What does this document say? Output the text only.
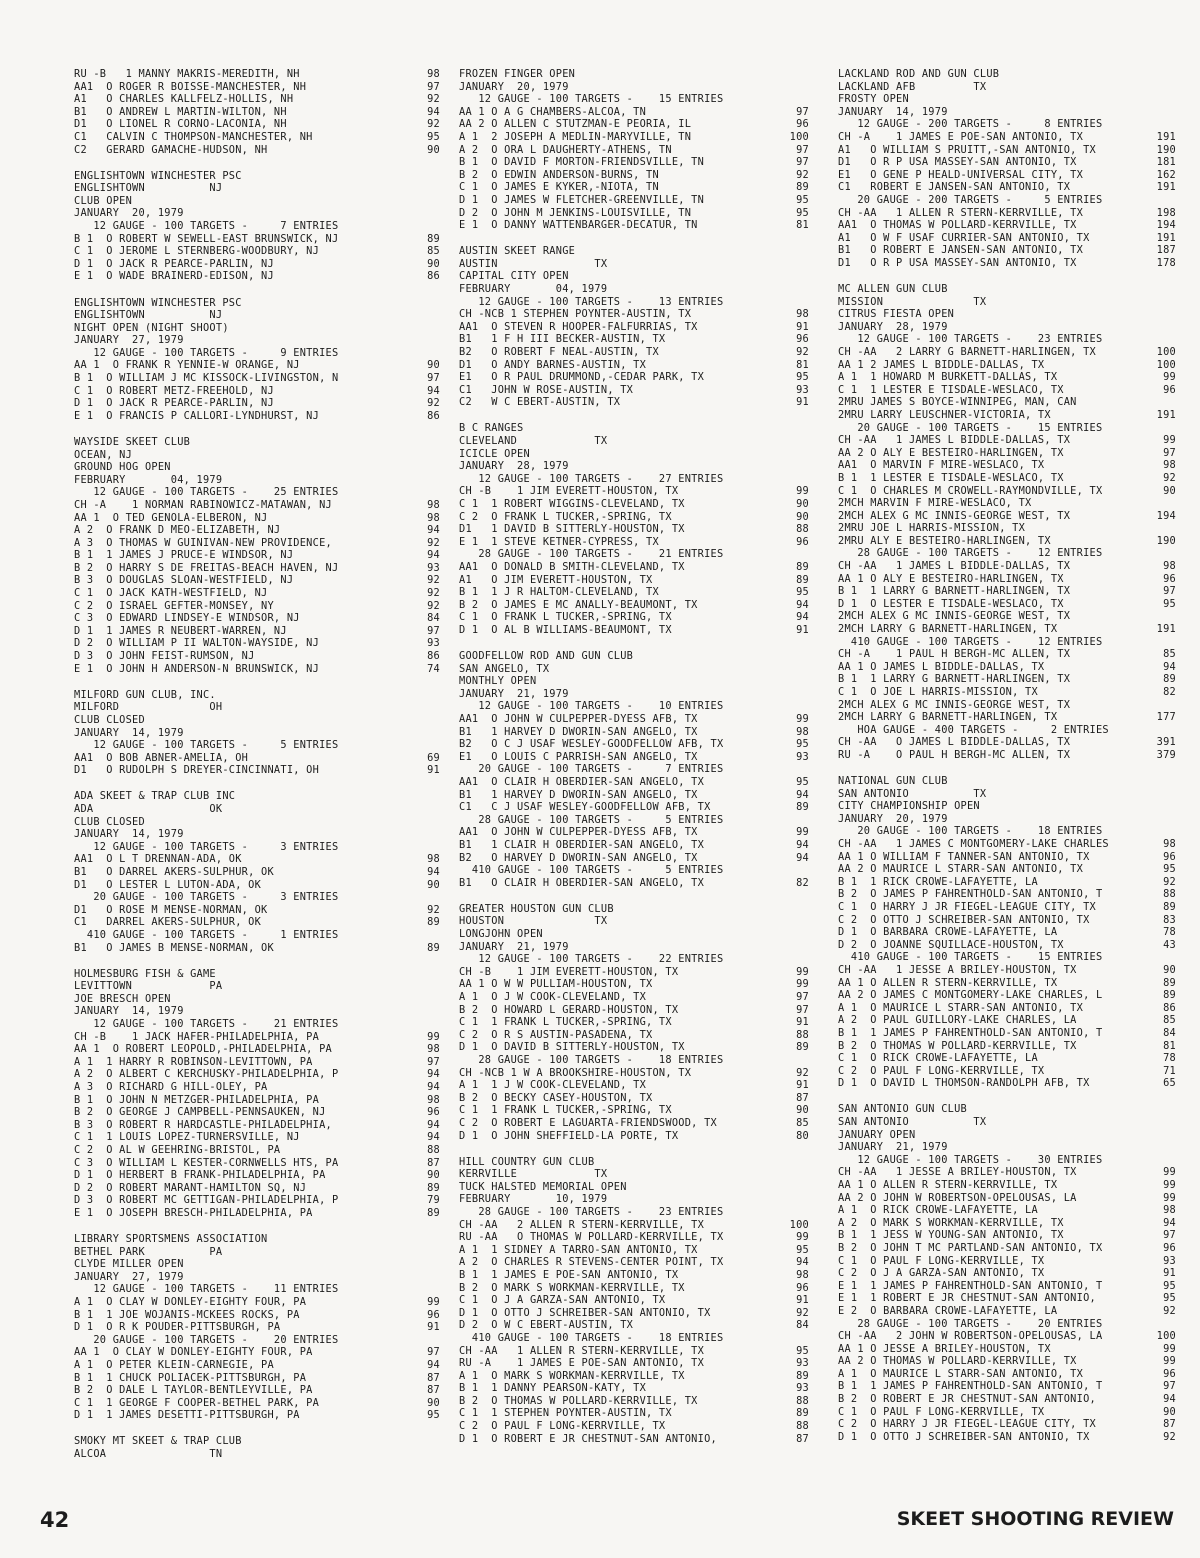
RU -B   1 MANNY MAKRIS-MEREDITH, NH	98
AA1  O ROGER R BOISSE-MANCHESTER, NH	97
A1   O CHARLES KALLFELZ-HOLLIS, NH	92
B1   O ANDREW L MARTIN-WILTON, NH	94
D1   O LIONEL R CORNO-LACONIA, NH	92
C1   CALVIN C THOMPSON-MANCHESTER, NH	95
C2   GERARD GAMACHE-HUDSON, NH	90
ENGLISHTOWN WINCHESTER PSC
ENGLISHTOWN          NJ
CLUB OPEN
JANUARY  20, 1979
12 GAUGE - 100 TARGETS -     7 ENTRIES
B 1  O ROBERT W SEWELL-EAST BRUNSWICK, NJ	89
C 1  O JEROME L STERNBERG-WOODBURY, NJ	85
D 1  O JACK R PEARCE-PARLIN, NJ	90
E 1  O WADE BRAINERD-EDISON, NJ	86
ENGLISHTOWN WINCHESTER PSC
ENGLISHTOWN          NJ
NIGHT OPEN (NIGHT SHOOT)
JANUARY  27, 1979
12 GAUGE - 100 TARGETS -     9 ENTRIES
AA 1  O FRANK R YENNIE-W ORANGE, NJ	90
B 1  O WILLIAM J MC KISSOCK-LIVINGSTON, N	97
C 1  O ROBERT METZ-FREEHOLD, NJ	94
D 1  O JACK R PEARCE-PARLIN, NJ	92
E 1  O FRANCIS P CALLORI-LYNDHURST, NJ	86
WAYSIDE SKEET CLUB
OCEAN, NJ
GROUND HOG OPEN
FEBRUARY       04, 1979
12 GAUGE - 100 TARGETS -    25 ENTRIES
CH -A    1 NORMAN RABINOWICZ-MATAWAN, NJ	98
AA 1  O TED GENOLA-ELBERON, NJ	98
A 2  O FRANK D MEO-ELIZABETH, NJ	94
A 3  O THOMAS W GUINIVAN-NEW PROVIDENCE,	92
B 1  1 JAMES J PRUCE-E WINDSOR, NJ	94
B 2  O HARRY S DE FREITAS-BEACH HAVEN, NJ	93
B 3  O DOUGLAS SLOAN-WESTFIELD, NJ	92
C 1  O JACK KATH-WESTFIELD, NJ	92
C 2  O ISRAEL GEFTER-MONSEY, NY	92
C 3  O EDWARD LINDSEY-E WINDSOR, NJ	84
D 1  1 JAMES R NEUBERT-WARREN, NJ	97
D 2  O WILLIAM P II WALTON-WAYSIDE, NJ	93
D 3  O JOHN FEIST-RUMSON, NJ	86
E 1  O JOHN H ANDERSON-N BRUNSWICK, NJ	74
MILFORD GUN CLUB, INC.
MILFORD              OH
CLUB CLOSED
JANUARY  14, 1979
12 GAUGE - 100 TARGETS -     5 ENTRIES
AA1  O BOB ABNER-AMELIA, OH	69
D1   O RUDOLPH S DREYER-CINCINNATI, OH	91
ADA SKEET & TRAP CLUB INC
ADA                  OK
CLUB CLOSED
JANUARY  14, 1979
12 GAUGE - 100 TARGETS -     3 ENTRIES
AA1  O L T DRENNAN-ADA, OK	98
B1   O DARREL AKERS-SULPHUR, OK	94
D1   O LESTER L LUTON-ADA, OK	90
20 GAUGE - 100 TARGETS -     3 ENTRIES
D1   O ROSE M MENSE-NORMAN, OK	92
C1   DARREL AKERS-SULPHUR, OK	89
410 GAUGE - 100 TARGETS -     1 ENTRIES
B1   O JAMES B MENSE-NORMAN, OK	89
HOLMESBURG FISH & GAME
LEVITTOWN            PA
JOE BRESCH OPEN
JANUARY  14, 1979
12 GAUGE - 100 TARGETS -    21 ENTRIES
CH -B    1 JACK HAFER-PHILADELPHIA, PA	99
AA 1  O ROBERT LEOPOLD,-PHILADELPHIA, PA	98
A 1  1 HARRY R ROBINSON-LEVITTOWN, PA	97
A 2  O ALBERT C KERCHUSKY-PHILADELPHIA, P	94
A 3  O RICHARD G HILL-OLEY, PA	94
B 1  O JOHN N METZGER-PHILADELPHIA, PA	98
B 2  O GEORGE J CAMPBELL-PENNSAUKEN, NJ	96
B 3  O ROBERT R HARDCASTLE-PHILADELPHIA,	94
C 1  1 LOUIS LOPEZ-TURNERSVILLE, NJ	94
C 2  O AL W GEEHRING-BRISTOL, PA	88
C 3  O WILLIAM L KESTER-CORNWELLS HTS, PA	87
D 1  O HERBERT B FRANK-PHILADELPHIA, PA	90
D 2  O ROBERT MARANT-HAMILTON SQ, NJ	89
D 3  O ROBERT MC GETTIGAN-PHILADELPHIA, P	79
E 1  O JOSEPH BRESCH-PHILADELPHIA, PA	89
LIBRARY SPORTSMENS ASSOCIATION
BETHEL PARK          PA
CLYDE MILLER OPEN
JANUARY  27, 1979
12 GAUGE - 100 TARGETS -    11 ENTRIES
A 1  O CLAY W DONLEY-EIGHTY FOUR, PA	99
B 1  1 JOE WOJANIS-MCKEES ROCKS, PA	96
D 1  O R K POUDER-PITTSBURGH, PA	91
20 GAUGE - 100 TARGETS -    20 ENTRIES
AA 1  O CLAY W DONLEY-EIGHTY FOUR, PA	97
A 1  O PETER KLEIN-CARNEGIE, PA	94
B 1  1 CHUCK POLIACEK-PITTSBURGH, PA	87
B 2  O DALE L TAYLOR-BENTLEYVILLE, PA	87
C 1  1 GEORGE F COOPER-BETHEL PARK, PA	90
D 1  1 JAMES DESETTI-PITTSBURGH, PA	95
SMOKY MT SKEET & TRAP CLUB
ALCOA                TN
FROZEN FINGER OPEN
JANUARY  20, 1979
12 GAUGE - 100 TARGETS -    15 ENTRIES
AA 1 O A G CHAMBERS-ALCOA, TN	97
AA 2 O ALLEN C STUTZMAN-E PEORIA, IL	96
A 1  2 JOSEPH A MEDLIN-MARYVILLE, TN	100
A 2  O ORA L DAUGHERTY-ATHENS, TN	97
B 1  O DAVID F MORTON-FRIENDSVILLE, TN	97
B 2  O EDWIN ANDERSON-BURNS, TN	92
C 1  O JAMES E KYKER,-NIOTA, TN	89
D 1  O JAMES W FLETCHER-GREENVILLE, TN	95
D 2  O JOHN M JENKINS-LOUISVILLE, TN	95
E 1  O DANNY WATTENBARGER-DECATUR, TN	81
AUSTIN SKEET RANGE
AUSTIN               TX
CAPITAL CITY OPEN
FEBRUARY       04, 1979
12 GAUGE - 100 TARGETS -    13 ENTRIES
CH -NCB 1 STEPHEN POYNTER-AUSTIN, TX	98
AA1  O STEVEN R HOOPER-FALFURRIAS, TX	91
B1   1 F H III BECKER-AUSTIN, TX	96
B2   O ROBERT F NEAL-AUSTIN, TX	92
D1   O ANDY BARNES-AUSTIN, TX	81
E1   O R PAUL DRUMMOND,-CEDAR PARK, TX	95
C1   JOHN W ROSE-AUSTIN, TX	93
C2   W C EBERT-AUSTIN, TX	91
B C RANGES
CLEVELAND            TX
ICICLE OPEN
JANUARY  28, 1979
12 GAUGE - 100 TARGETS -    27 ENTRIES
CH -B    1 JIM EVERETT-HOUSTON, TX	99
C 1  1 ROBERT WIGGINS-CLEVELAND, TX	90
C 2  O FRANK L TUCKER,-SPRING, TX	90
D1   1 DAVID B SITTERLY-HOUSTON, TX	88
E 1  1 STEVE KETNER-CYPRESS, TX	96
28 GAUGE - 100 TARGETS -    21 ENTRIES
AA1  O DONALD B SMITH-CLEVELAND, TX	89
A1   O JIM EVERETT-HOUSTON, TX	89
B 1  1 J R HALTOM-CLEVELAND, TX	95
B 2  O JAMES E MC ANALLY-BEAUMONT, TX	94
C 1  O FRANK L TUCKER,-SPRING, TX	94
D 1  O AL B WILLIAMS-BEAUMONT, TX	91
GOODFELLOW ROD AND GUN CLUB
SAN ANGELO, TX
MONTHLY OPEN
JANUARY  21, 1979
12 GAUGE - 100 TARGETS -    10 ENTRIES
AA1  O JOHN W CULPEPPER-DYESS AFB, TX	99
B1   1 HARVEY D DWORIN-SAN ANGELO, TX	98
B2   O C J USAF WESLEY-GOODFELLOW AFB, TX	95
E1   O LOUIS C PARRISH-SAN ANGELO, TX	93
20 GAUGE - 100 TARGETS -     7 ENTRIES
AA1  O CLAIR H OBERDIER-SAN ANGELO, TX	95
B1   1 HARVEY D DWORIN-SAN ANGELO, TX	94
C1   C J USAF WESLEY-GOODFELLOW AFB, TX	89
28 GAUGE - 100 TARGETS -     5 ENTRIES
AA1  O JOHN W CULPEPPER-DYESS AFB, TX	99
B1   1 CLAIR H OBERDIER-SAN ANGELO, TX	94
B2   O HARVEY D DWORIN-SAN ANGELO, TX	94
410 GAUGE - 100 TARGETS -     5 ENTRIES
B1   O CLAIR H OBERDIER-SAN ANGELO, TX	82
GREATER HOUSTON GUN CLUB
HOUSTON              TX
LONGJOHN OPEN
JANUARY  21, 1979
12 GAUGE - 100 TARGETS -    22 ENTRIES
CH -B    1 JIM EVERETT-HOUSTON, TX	99
AA 1 O W W PULLIAM-HOUSTON, TX	99
A 1  O J W COOK-CLEVELAND, TX	97
B 2  O HOWARD L GERARD-HOUSTON, TX	97
C 1  1 FRANK L TUCKER,-SPRING, TX	91
C 2  O R S AUSTIN-PASADENA, TX	88
D 1  O DAVID B SITTERLY-HOUSTON, TX	89
28 GAUGE - 100 TARGETS -    18 ENTRIES
CH -NCB 1 W A BROOKSHIRE-HOUSTON, TX	92
A 1  1 J W COOK-CLEVELAND, TX	91
B 2  O BECKY CASEY-HOUSTON, TX	87
C 1  1 FRANK L TUCKER,-SPRING, TX	90
C 2  O ROBERT E LAGUARTA-FRIENDSWOOD, TX	85
D 1  O JOHN SHEFFIELD-LA PORTE, TX	80
HILL COUNTRY GUN CLUB
KERRVILLE            TX
TUCK HALSTED MEMORIAL OPEN
FEBRUARY       10, 1979
28 GAUGE - 100 TARGETS -    23 ENTRIES
CH -AA   2 ALLEN R STERN-KERRVILLE, TX	100
RU -AA   O THOMAS W POLLARD-KERRVILLE, TX	99
A 1  1 SIDNEY A TARRO-SAN ANTONIO, TX	95
A 2  O CHARLES R STEVENS-CENTER POINT, TX	94
B 1  1 JAMES E POE-SAN ANTONIO, TX	98
B 2  O MARK S WORKMAN-KERRVILLE, TX	96
C 1  O J A GARZA-SAN ANTONIO, TX	91
D 1  O OTTO J SCHREIBER-SAN ANTONIO, TX	92
D 2  O W C EBERT-AUSTIN, TX	84
410 GAUGE - 100 TARGETS -    18 ENTRIES
CH -AA   1 ALLEN R STERN-KERRVILLE, TX	95
RU -A    1 JAMES E POE-SAN ANTONIO, TX	93
A 1  O MARK S WORKMAN-KERRVILLE, TX	89
B 1  1 DANNY PEARSON-KATY, TX	93
B 2  O THOMAS W POLLARD-KERRVILLE, TX	88
C 1  1 STEPHEN POYNTER-AUSTIN, TX	89
C 2  O PAUL F LONG-KERRVILLE, TX	88
D 1  O ROBERT E JR CHESTNUT-SAN ANTONIO,	87
LACKLAND ROD AND GUN CLUB
LACKLAND AFB         TX
FROSTY OPEN
JANUARY  14, 1979
12 GAUGE - 200 TARGETS -     8 ENTRIES
CH -A    1 JAMES E POE-SAN ANTONIO, TX	191
A1   O WILLIAM S PRUITT,-SAN ANTONIO, TX	190
D1   O R P USA MASSEY-SAN ANTONIO, TX	181
E1   O GENE P HEALD-UNIVERSAL CITY, TX	162
C1   ROBERT E JANSEN-SAN ANTONIO, TX	191
20 GAUGE - 200 TARGETS -     5 ENTRIES
CH -AA   1 ALLEN R STERN-KERRVILLE, TX	198
AA1  O THOMAS W POLLARD-KERRVILLE, TX	194
A1   O W F USAF CURRIER-SAN ANTONIO, TX	191
B1   O ROBERT E JANSEN-SAN ANTONIO, TX	187
D1   O R P USA MASSEY-SAN ANTONIO, TX	178
MC ALLEN GUN CLUB
MISSION              TX
CITRUS FIESTA OPEN
JANUARY  28, 1979
12 GAUGE - 100 TARGETS -    23 ENTRIES
CH -AA   2 LARRY G BARNETT-HARLINGEN, TX	100
AA 1 2 JAMES L BIDDLE-DALLAS, TX	100
A 1  1 HOWARD M BURKETT-DALLAS, TX	99
C 1  1 LESTER E TISDALE-WESLACO, TX	96
2MRU JAMES S BOYCE-WINNIPEG, MAN, CAN
2MRU LARRY LEUSCHNER-VICTORIA, TX	191
20 GAUGE - 100 TARGETS -    15 ENTRIES
CH -AA   1 JAMES L BIDDLE-DALLAS, TX	99
AA 2 O ALY E BESTEIRO-HARLINGEN, TX	97
AA1  O MARVIN F MIRE-WESLACO, TX	98
B 1  1 LESTER E TISDALE-WESLACO, TX	92
C 1  O CHARLES M CROWELL-RAYMONDVILLE, TX	90
2MCH MARVIN F MIRE-WESLACO, TX
2MCH ALEX G MC INNIS-GEORGE WEST, TX	194
2MRU JOE L HARRIS-MISSION, TX
2MRU ALY E BESTEIRO-HARLINGEN, TX	190
28 GAUGE - 100 TARGETS -    12 ENTRIES
CH -AA   1 JAMES L BIDDLE-DALLAS, TX	98
AA 1 O ALY E BESTEIRO-HARLINGEN, TX	96
B 1  1 LARRY G BARNETT-HARLINGEN, TX	97
D 1  O LESTER E TISDALE-WESLACO, TX	95
2MCH ALEX G MC INNIS-GEORGE WEST, TX
2MCH LARRY G BARNETT-HARLINGEN, TX	191
410 GAUGE - 100 TARGETS -    12 ENTRIES
CH -A    1 PAUL H BERGH-MC ALLEN, TX	85
AA 1 O JAMES L BIDDLE-DALLAS, TX	94
B 1  1 LARRY G BARNETT-HARLINGEN, TX	89
C 1  O JOE L HARRIS-MISSION, TX	82
2MCH ALEX G MC INNIS-GEORGE WEST, TX
2MCH LARRY G BARNETT-HARLINGEN, TX	177
HOA GAUGE - 400 TARGETS -     2 ENTRIES
CH -AA   O JAMES L BIDDLE-DALLAS, TX	391
RU -A    O PAUL H BERGH-MC ALLEN, TX	379
NATIONAL GUN CLUB
SAN ANTONIO          TX
CITY CHAMPIONSHIP OPEN
JANUARY  20, 1979
20 GAUGE - 100 TARGETS -    18 ENTRIES
CH -AA   1 JAMES C MONTGOMERY-LAKE CHARLES	98
AA 1 O WILLIAM F TANNER-SAN ANTONIO, TX	96
AA 2 O MAURICE L STARR-SAN ANTONIO, TX	95
B 1  1 RICK CROWE-LAFAYETTE, LA	92
B 2  O JAMES P FAHRENTHOLD-SAN ANTONIO, T	88
C 1  O HARRY J JR FIEGEL-LEAGUE CITY, TX	89
C 2  O OTTO J SCHREIBER-SAN ANTONIO, TX	83
D 1  O BARBARA CROWE-LAFAYETTE, LA	78
D 2  O JOANNE SQUILLACE-HOUSTON, TX	43
410 GAUGE - 100 TARGETS -    15 ENTRIES
CH -AA   1 JESSE A BRILEY-HOUSTON, TX	90
AA 1 O ALLEN R STERN-KERRVILLE, TX	89
AA 2 O JAMES C MONTGOMERY-LAKE CHARLES, L	89
A 1  O MAURICE L STARR-SAN ANTONIO, TX	86
A 2  O PAUL GUILLORY-LAKE CHARLES, LA	85
B 1  1 JAMES P FAHRENTHOLD-SAN ANTONIO, T	84
B 2  O THOMAS W POLLARD-KERRVILLE, TX	81
C 1  O RICK CROWE-LAFAYETTE, LA	78
C 2  O PAUL F LONG-KERRVILLE, TX	71
D 1  O DAVID L THOMSON-RANDOLPH AFB, TX	65
SAN ANTONIO GUN CLUB
SAN ANTONIO          TX
JANUARY OPEN
JANUARY  21, 1979
12 GAUGE - 100 TARGETS -    30 ENTRIES
CH -AA   1 JESSE A BRILEY-HOUSTON, TX	99
AA 1 O ALLEN R STERN-KERRVILLE, TX	99
AA 2 O JOHN W ROBERTSON-OPELOUSAS, LA	99
A 1  O RICK CROWE-LAFAYETTE, LA	98
A 2  O MARK S WORKMAN-KERRVILLE, TX	94
B 1  1 JESS W YOUNG-SAN ANTONIO, TX	97
B 2  O JOHN T MC PARTLAND-SAN ANTONIO, TX	96
C 1  O PAUL F LONG-KERRVILLE, TX	93
C 2  O J A GARZA-SAN ANTONIO, TX	91
E 1  1 JAMES P FAHRENTHOLD-SAN ANTONIO, T	95
E 1  1 ROBERT E JR CHESTNUT-SAN ANTONIO,	95
E 2  O BARBARA CROWE-LAFAYETTE, LA	92
28 GAUGE - 100 TARGETS -    20 ENTRIES
CH -AA   2 JOHN W ROBERTSON-OPELOUSAS, LA	100
AA 1 O JESSE A BRILEY-HOUSTON, TX	99
AA 2 O THOMAS W POLLARD-KERRVILLE, TX	99
A 1  O MAURICE L STARR-SAN ANTONIO, TX	96
B 1  1 JAMES P FAHRENTHOLD-SAN ANTONIO, T	97
B 2  O ROBERT E JR CHESTNUT-SAN ANTONIO,	94
C 1  O PAUL F LONG-KERRVILLE, TX	90
C 2  O HARRY J JR FIEGEL-LEAGUE CITY, TX	87
D 1  O OTTO J SCHREIBER-SAN ANTONIO, TX	92
42	SKEET SHOOTING REVIEW
